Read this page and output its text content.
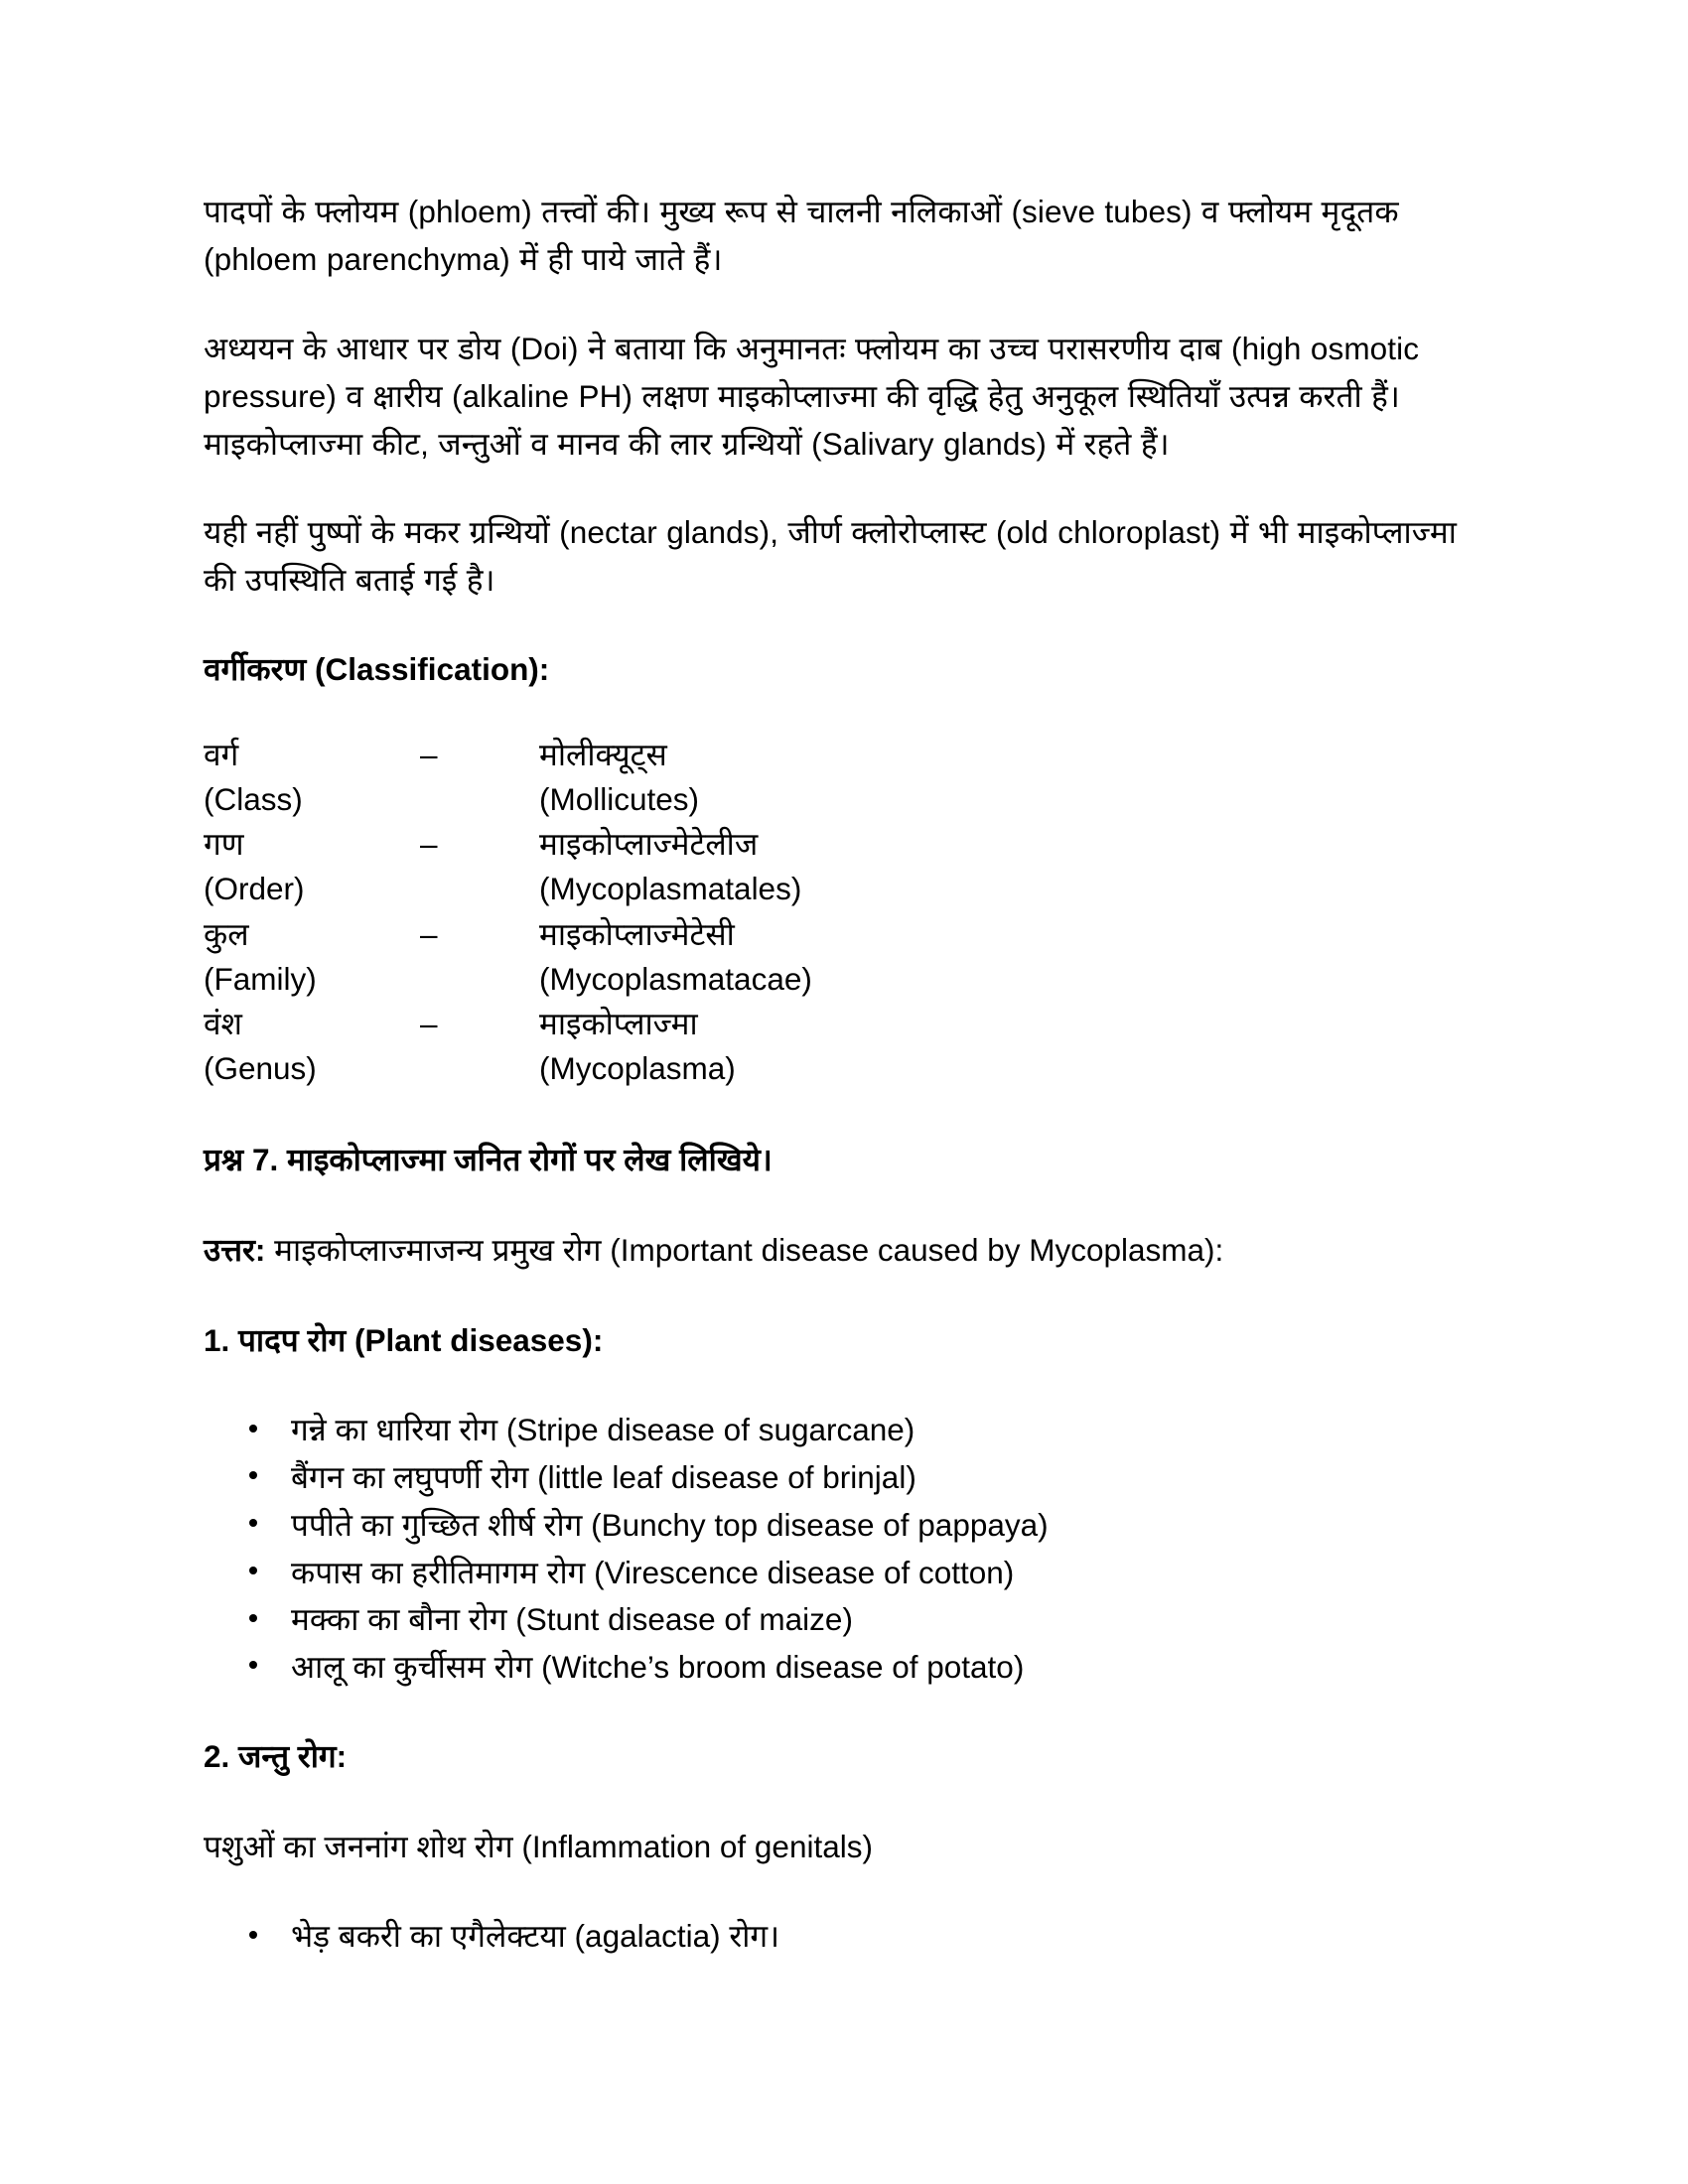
पादपों के फ्लोयम (phloem) तत्त्वों की। मुख्य रूप से चालनी नलिकाओं (sieve tubes) व फ्लोयम मृदूतक (phloem parenchyma) में ही पाये जाते हैं।

अध्ययन के आधार पर डोय (Doi) ने बताया कि अनुमानतः फ्लोयम का उच्च परासरणीय दाब (high osmotic pressure) व क्षारीय (alkaline PH) लक्षण माइकोप्लाज्मा की वृद्धि हेतु अनुकूल स्थितियाँ उत्पन्न करती हैं। माइकोप्लाज्मा कीट, जन्तुओं व मानव की लार ग्रन्थियों (Salivary glands) में रहते हैं।

यही नहीं पुष्पों के मकर ग्रन्थियों (nectar glands), जीर्ण क्लोरोप्लास्ट (old chloroplast) में भी माइकोप्लाज्मा की उपस्थिति बताई गई है।

वर्गीकरण (Classification):
वर्ग	–	मोलीक्यूट्स
(Class)		(Mollicutes)
गण	–	माइकोप्लाज्मेटेलीज
(Order)		(Mycoplasmatales)
कुल	–	माइकोप्लाज्मेटेसी
(Family)		(Mycoplasmatacae)
वंश	–	माइकोप्लाज्मा
(Genus)		(Mycoplasma)
प्रश्न 7. माइकोप्लाज्मा जनित रोगों पर लेख लिखिये।
उत्तर: माइकोप्लाज्माजन्य प्रमुख रोग (Important disease caused by Mycoplasma):
1. पादप रोग (Plant diseases):
गन्ने का धारिया रोग (Stripe disease of sugarcane)
बैंगन का लघुपर्णी रोग (little leaf disease of brinjal)
पपीते का गुच्छित शीर्ष रोग (Bunchy top disease of pappaya)
कपास का हरीतिमागम रोग (Virescence disease of cotton)
मक्का का बौना रोग (Stunt disease of maize)
आलू का कुर्चीसम रोग (Witche’s broom disease of potato)
2. जन्तु रोग:
पशुओं का जननांग शोथ रोग (Inflammation of genitals)
भेड़ बकरी का एगैलेक्टया (agalactia) रोग।
